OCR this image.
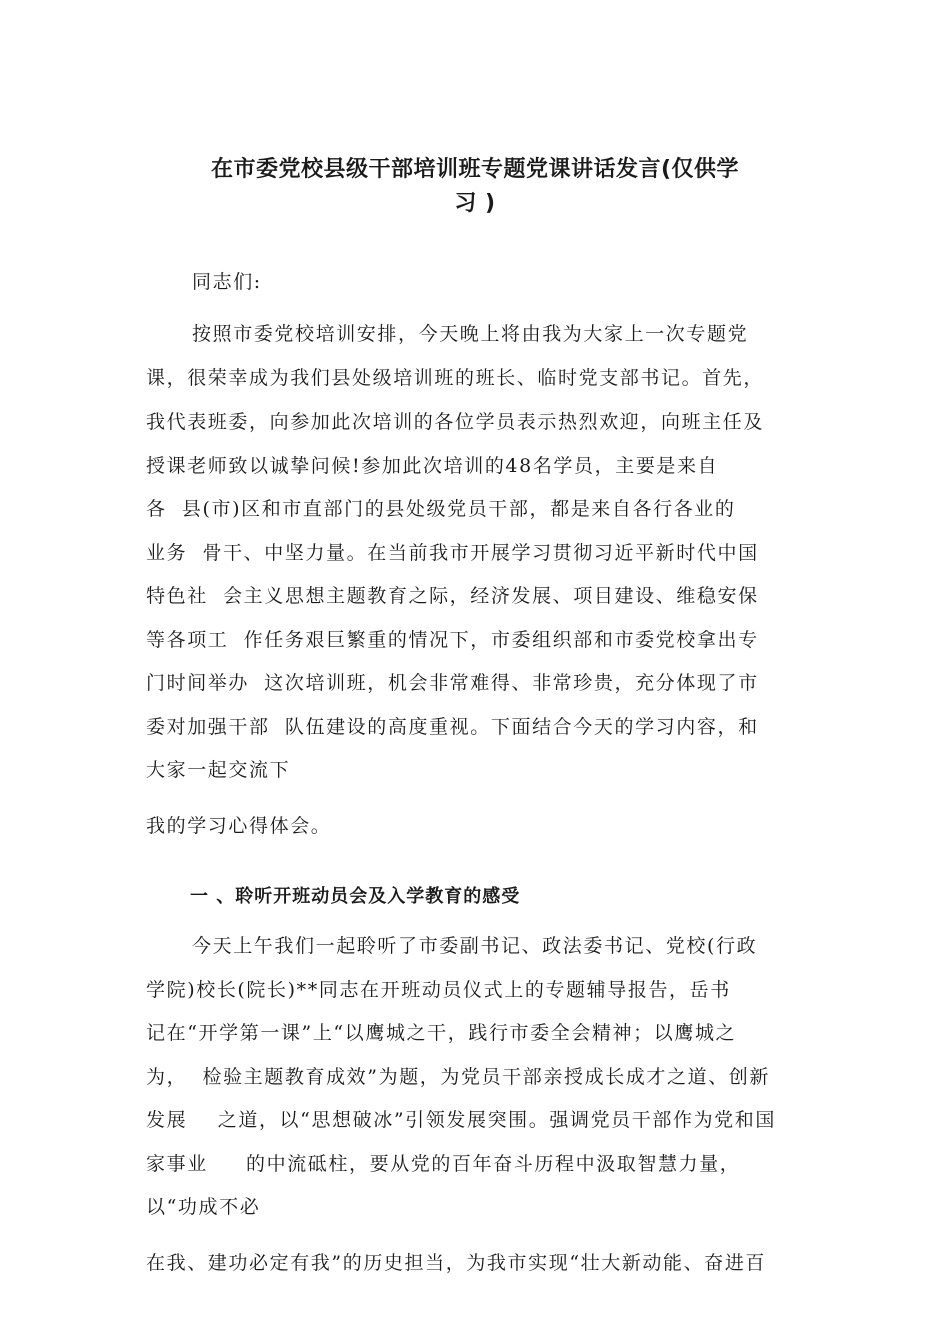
在市委党校县级干部培训班专题党课讲话发言(仅供学
习 )
同志们:
按照市委党校培训安排，今天晚上将由我为大家上一次专题党
课，很荣幸成为我们县处级培训班的班长、临时党支部书记。首先，
我代表班委，向参加此次培训的各位学员表示热烈欢迎，向班主任及
授课老师致以诚挚问候!参加此次培训的48名学员，主要是来自
各  县(市)区和市直部门的县处级党员干部，都是来自各行各业的
业务  骨干、中坚力量。在当前我市开展学习贯彻习近平新时代中国
特色社  会主义思想主题教育之际，经济发展、项目建设、维稳安保
等各项工  作任务艰巨繁重的情况下，市委组织部和市委党校拿出专
门时间举办  这次培训班，机会非常难得、非常珍贵，充分体现了市
委对加强干部  队伍建设的高度重视。下面结合今天的学习内容，和
大家一起交流下
我的学习心得体会。
一 、聆听开班动员会及入学教育的感受
今天上午我们一起聆听了市委副书记、政法委书记、党校(行政
学院)校长(院长)**同志在开班动员仪式上的专题辅导报告，岳书
记在“开学第一课”上“以鹰城之干，践行市委全会精神；以鹰城之
为，  检验主题教育成效”为题，为党员干部亲授成长成才之道、创新
发展    之道，以“思想破冰”引领发展突围。强调党员干部作为党和国
家事业     的中流砥柱，要从党的百年奋斗历程中汲取智慧力量，
以“功成不必
在我、建功必定有我”的历史担当，为我市实现“壮大新动能、奋进百
